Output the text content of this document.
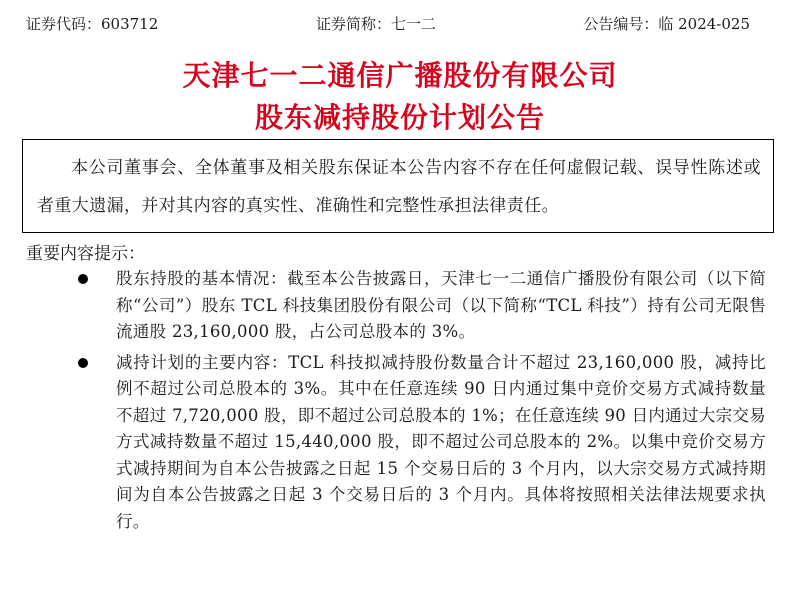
证券代码：603712	证券简称：七一二	公告编号：临 2024-025
天津七一二通信广播股份有限公司
股东减持股份计划公告

本公司董事会、全体董事及相关股东保证本公告内容不存在任何虚假记载、误导性陈述或者重大遗漏，并对其内容的真实性、准确性和完整性承担法律责任。

重要内容提示：
股东持股的基本情况：截至本公告披露日，天津七一二通信广播股份有限公司（以下简称“公司”）股东 TCL 科技集团股份有限公司（以下简称“TCL 科技”）持有公司无限售流通股 23,160,000 股，占公司总股本的 3%。
减持计划的主要内容：TCL 科技拟减持股份数量合计不超过 23,160,000 股，减持比例不超过公司总股本的 3%。其中在任意连续 90 日内通过集中竞价交易方式减持数量不超过 7,720,000 股，即不超过公司总股本的 1%；在任意连续 90 日内通过大宗交易方式减持数量不超过 15,440,000 股，即不超过公司总股本的 2%。以集中竞价交易方式减持期间为自本公告披露之日起 15 个交易日后的 3 个月内，以大宗交易方式减持期间为自本公告披露之日起 3 个交易日后的 3 个月内。具体将按照相关法律法规要求执行。
